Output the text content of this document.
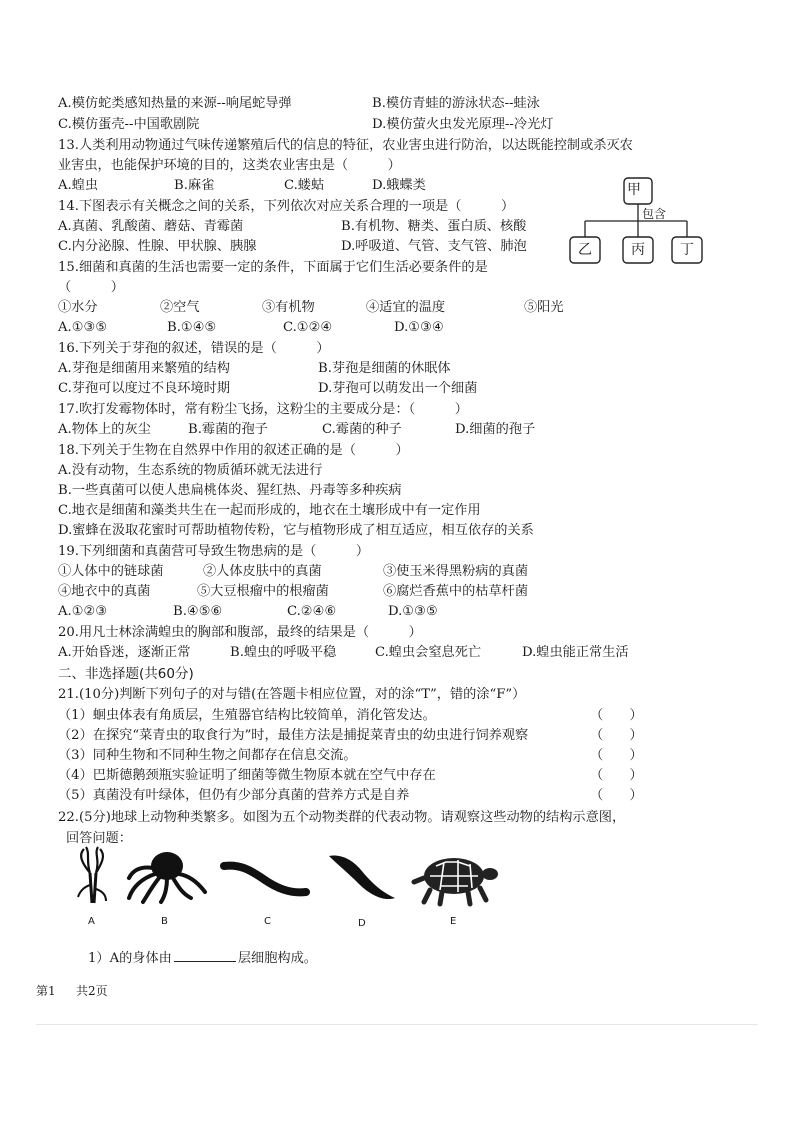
A.模仿蛇类感知热量的来源--响尾蛇导弹	B.模仿青蛙的游泳状态--蛙泳
C.模仿蛋壳--中国歌剧院	D.模仿萤火虫发光原理--冷光灯
13.人类利用动物通过气味传递繁殖后代的信息的特征，农业害虫进行防治，以达既能控制或杀灭农
业害虫，也能保护环境的目的，这类农业害虫是（　　　）
A.蝗虫	B.麻雀	C.蝼蛄	D.蛾蝶类
14.下图表示有关概念之间的关系，下列依次对应关系合理的一项是（　　　）
A.真菌、乳酸菌、蘑菇、青霉菌	B.有机物、糖类、蛋白质、核酸
C.内分泌腺、性腺、甲状腺、胰腺	D.呼吸道、气管、支气管、肺泡
甲
包含
乙	丙	丁
15.细菌和真菌的生活也需要一定的条件，下面属于它们生活必要条件的是
（　　　）
①水分	②空气	③有机物	④适宜的温度	⑤阳光
A.①③⑤	B.①④⑤	C.①②④	D.①③④
16.下列关于芽孢的叙述，错误的是（　　　）
A.芽孢是细菌用来繁殖的结构	B.芽孢是细菌的休眠体
C.芽孢可以度过不良环境时期	D.芽孢可以萌发出一个细菌
17.吹打发霉物体时，常有粉尘飞扬，这粉尘的主要成分是：（　　　）
A.物体上的灰尘	B.霉菌的孢子	C.霉菌的种子	D.细菌的孢子
18.下列关于生物在自然界中作用的叙述正确的是（　　　）
A.没有动物，生态系统的物质循环就无法进行
B.一些真菌可以使人患扁桃体炎、猩红热、丹毒等多种疾病
C.地衣是细菌和藻类共生在一起而形成的，地衣在土壤形成中有一定作用
D.蜜蜂在汲取花蜜时可帮助植物传粉，它与植物形成了相互适应，相互依存的关系
19.下列细菌和真菌营可导致生物患病的是（　　　）
①人体中的链球菌	②人体皮肤中的真菌	③使玉米得黑粉病的真菌
④地衣中的真菌	⑤大豆根瘤中的根瘤菌	⑥腐烂香蕉中的枯草杆菌
A.①②③	B.④⑤⑥	C.②④⑥	D.①③⑤
20.用凡士林涂满蝗虫的胸部和腹部，最终的结果是（　　　）
A.开始昏迷，逐渐正常	B.蝗虫的呼吸平稳	C.蝗虫会窒息死亡	D.蝗虫能正常生活
二、非选择题(共60分)
21.(10分)判断下列句子的对与错(在答题卡相应位置，对的涂“T”，错的涂“F”）
（1）蛔虫体表有角质层，生殖器官结构比较简单，消化管发达。	（　　）
（2）在探究“菜青虫的取食行为”时，最佳方法是捕捉菜青虫的幼虫进行饲养观察	（　　）
（3）同种生物和不同种生物之间都存在信息交流。	（　　）
（4）巴斯德鹅颈瓶实验证明了细菌等微生物原本就在空气中存在	（　　）
（5）真菌没有叶绿体，但仍有少部分真菌的营养方式是自养	（　　）
22.(5分)地球上动物种类繁多。如图为五个动物类群的代表动物。请观察这些动物的结构示意图，
回答问题：
A	B	C	D	E
1）A的身体由	层细胞构成。
第1 共2页
